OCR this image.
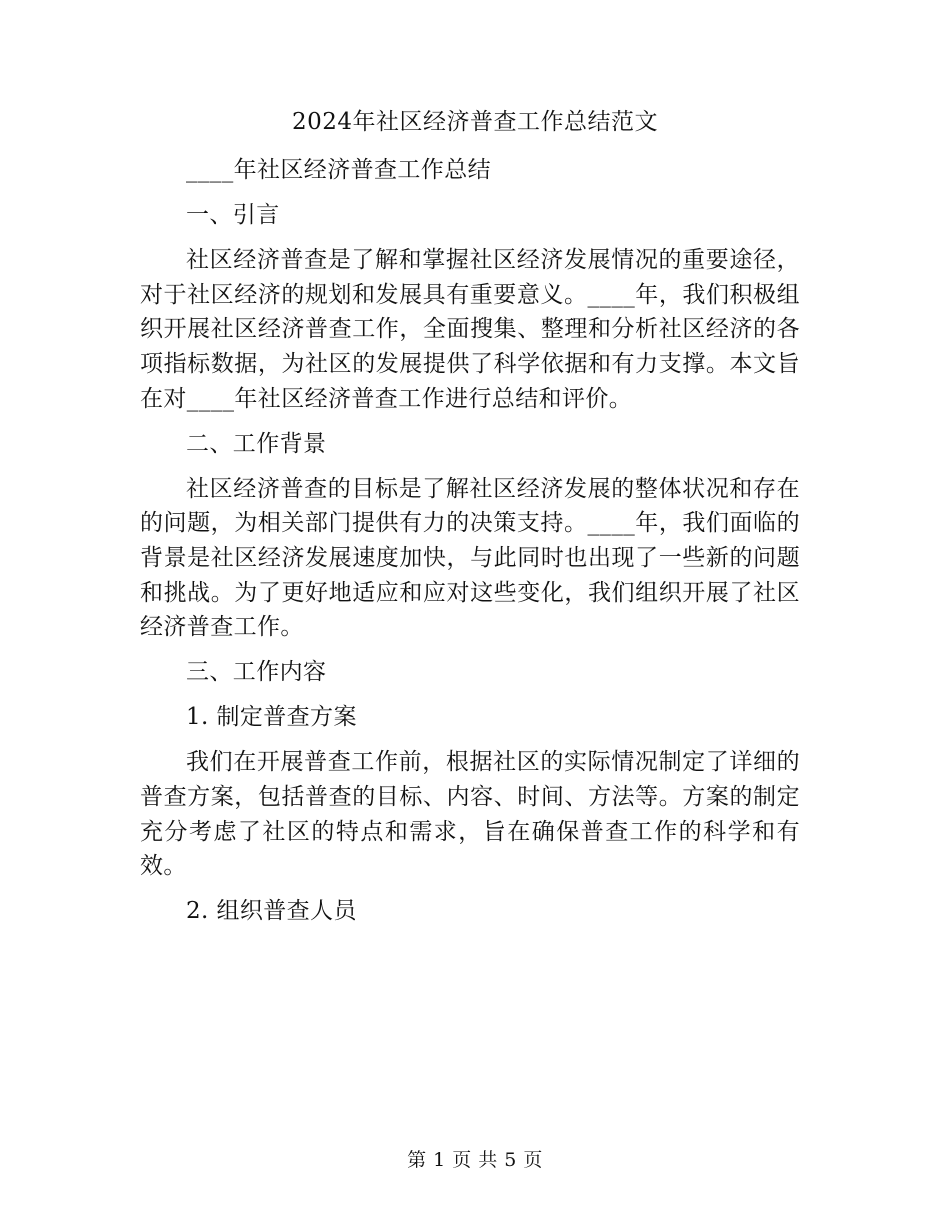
2024年社区经济普查工作总结范文

____年社区经济普查工作总结

一、引言

社区经济普查是了解和掌握社区经济发展情况的重要途径，对于社区经济的规划和发展具有重要意义。____年，我们积极组织开展社区经济普查工作，全面搜集、整理和分析社区经济的各项指标数据，为社区的发展提供了科学依据和有力支撑。本文旨在对____年社区经济普查工作进行总结和评价。

二、工作背景

社区经济普查的目标是了解社区经济发展的整体状况和存在的问题，为相关部门提供有力的决策支持。____年，我们面临的背景是社区经济发展速度加快，与此同时也出现了一些新的问题和挑战。为了更好地适应和应对这些变化，我们组织开展了社区经济普查工作。

三、工作内容

1. 制定普查方案

我们在开展普查工作前，根据社区的实际情况制定了详细的普查方案，包括普查的目标、内容、时间、方法等。方案的制定充分考虑了社区的特点和需求，旨在确保普查工作的科学和有效。

2. 组织普查人员

第 1 页 共 5 页
